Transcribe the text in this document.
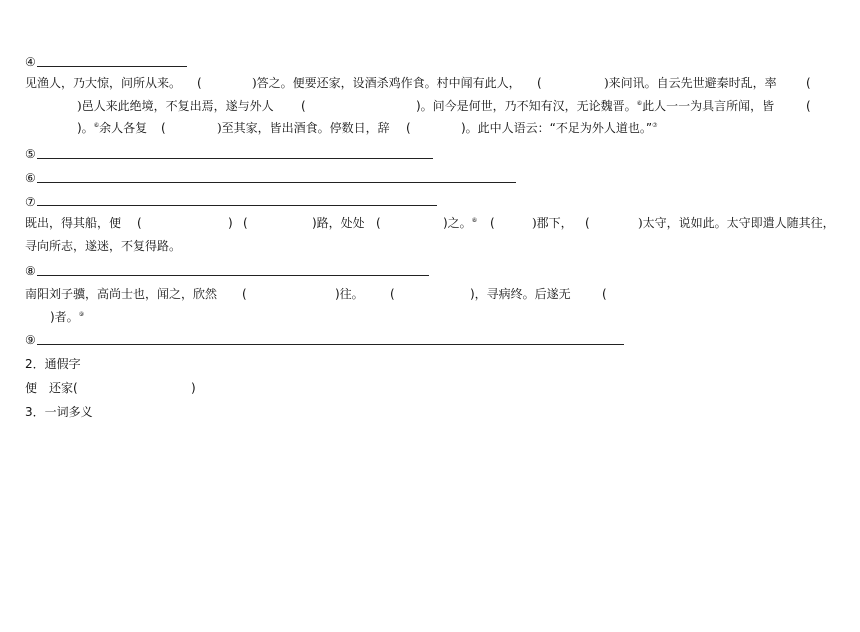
④
见渔人，乃大惊，问所从来。 (	)答之。便要还家，设酒杀鸡作食。村中闻有此人， (	)来问讯。自云先世避秦时乱，率 (
)邑人来此绝境，不复出焉，遂与外人 (	)。问今是何世，乃不知有汉，无论魏晋。⑥此人一一为具言所闻，皆	(
)。⑥余人各复 (	)至其家，皆出酒食。停数日，辞 (	)。此中人语云：“不足为外人道也。”⑦
⑤
⑥
⑦
既出，得其船，便 (	) (	)路，处处 (	)之。⑧ (	)郡下， (	)太守，说如此。太守即遣人随其往，
寻向所志，遂迷，不复得路。
⑧
南阳刘子骥，高尚士也，闻之，欣然 (	)往。 (	)，寻病终。后遂无	(
)者。⑨
⑨
2．通假字
便　还家(	)
3．一词多义
